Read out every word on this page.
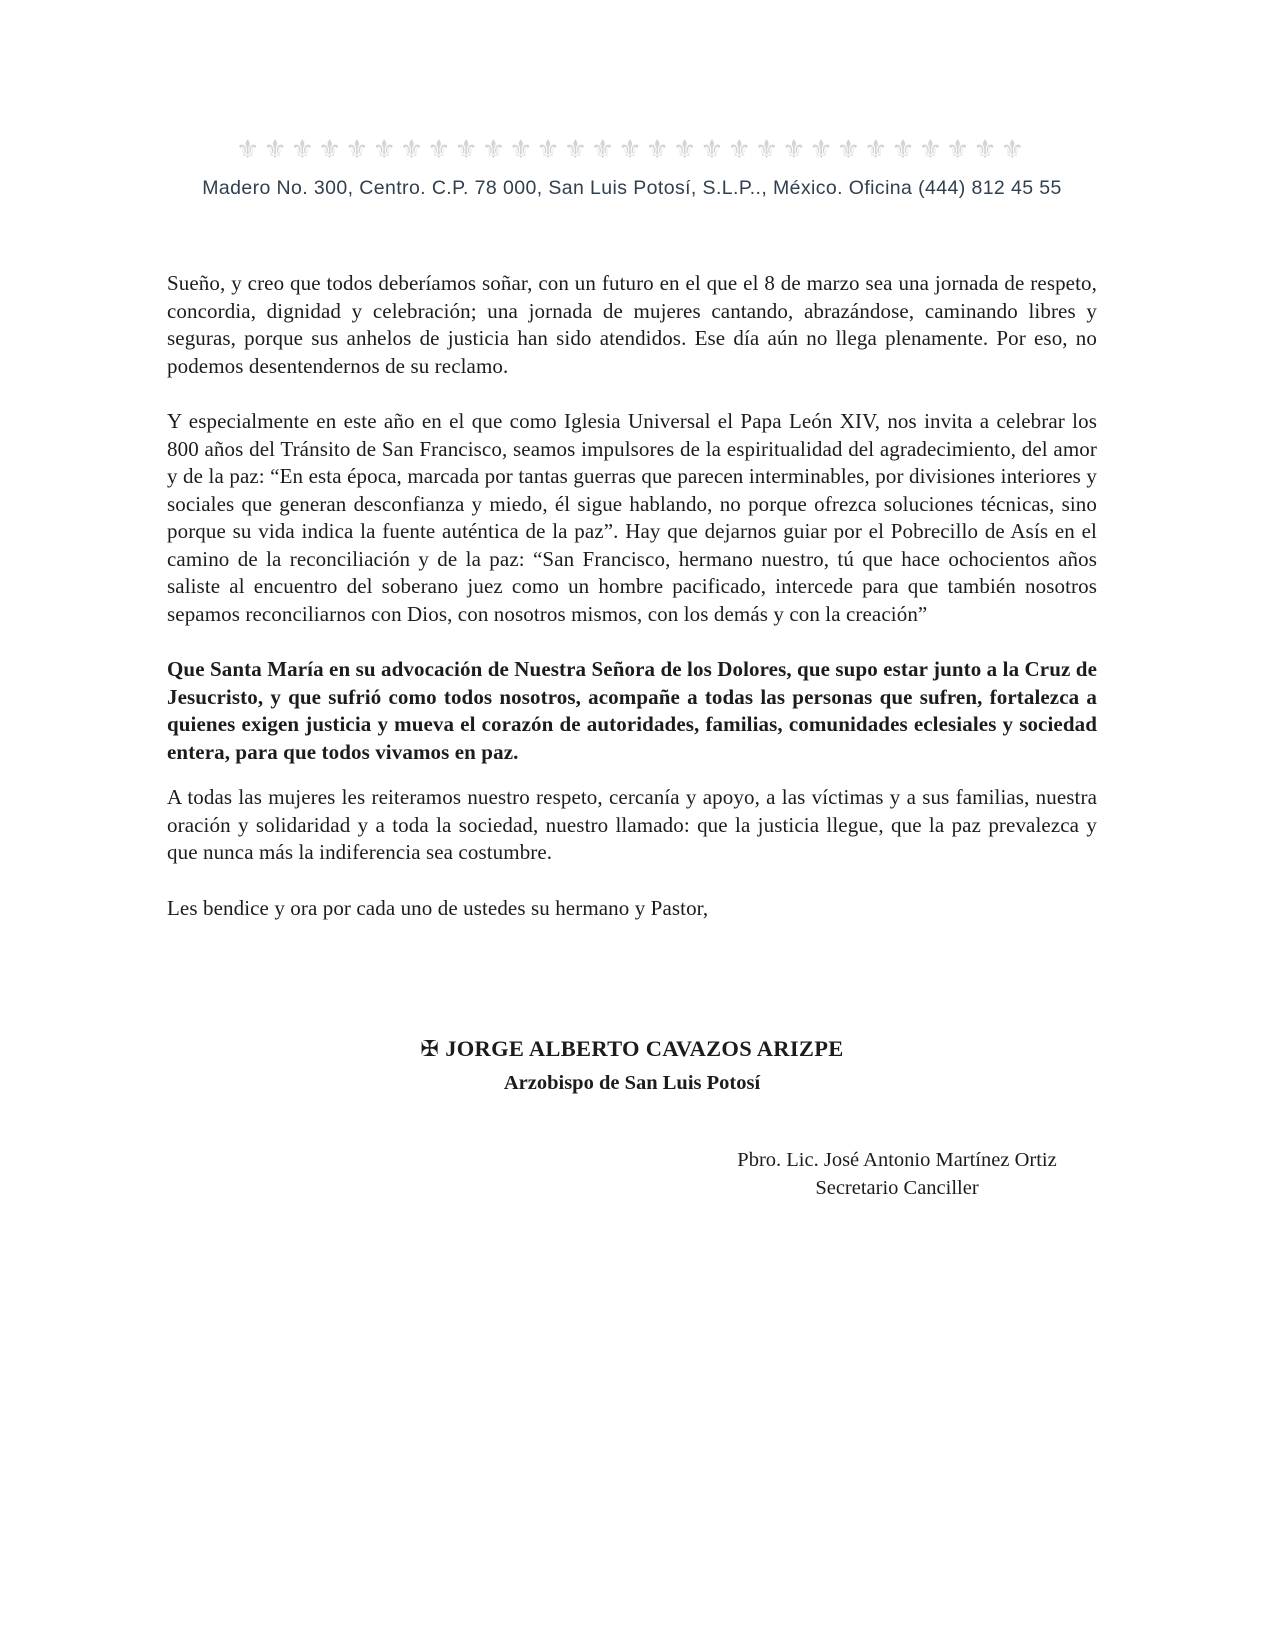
⚜⚜⚜⚜⚜⚜⚜⚜⚜⚜⚜⚜⚜⚜⚜⚜⚜⚜⚜⚜⚜⚜⚜⚜⚜⚜⚜⚜⚜
Madero No. 300, Centro. C.P. 78 000, San Luis Potosí, S.L.P.., México. Oficina (444) 812 45 55

Sueño, y creo que todos deberíamos soñar, con un futuro en el que el 8 de marzo sea una jornada de respeto, concordia, dignidad y celebración; una jornada de mujeres cantando, abrazándose, caminando libres y seguras, porque sus anhelos de justicia han sido atendidos. Ese día aún no llega plenamente. Por eso, no podemos desentendernos de su reclamo.

Y especialmente en este año en el que como Iglesia Universal el Papa León XIV, nos invita a celebrar los 800 años del Tránsito de San Francisco, seamos impulsores de la espiritualidad del agradecimiento, del amor y de la paz: “En esta época, marcada por tantas guerras que parecen interminables, por divisiones interiores y sociales que generan desconfianza y miedo, él sigue hablando, no porque ofrezca soluciones técnicas, sino porque su vida indica la fuente auténtica de la paz”. Hay que dejarnos guiar por el Pobrecillo de Asís en el camino de la reconciliación y de la paz: “San Francisco, hermano nuestro, tú que hace ochocientos años saliste al encuentro del soberano juez como un hombre pacificado, intercede para que también nosotros sepamos reconciliarnos con Dios, con nosotros mismos, con los demás y con la creación”

Que Santa María en su advocación de Nuestra Señora de los Dolores, que supo estar junto a la Cruz de Jesucristo, y que sufrió como todos nosotros, acompañe a todas las personas que sufren, fortalezca a quienes exigen justicia y mueva el corazón de autoridades, familias, comunidades eclesiales y sociedad entera, para que todos vivamos en paz.

A todas las mujeres les reiteramos nuestro respeto, cercanía y apoyo, a las víctimas y a sus familias, nuestra oración y solidaridad y a toda la sociedad, nuestro llamado: que la justicia llegue, que la paz prevalezca y que nunca más la indiferencia sea costumbre.

Les bendice y ora por cada uno de ustedes su hermano y Pastor,

✠ JORGE ALBERTO CAVAZOS ARIZPE
Arzobispo de San Luis Potosí
Pbro. Lic. José Antonio Martínez Ortiz
Secretario Canciller
